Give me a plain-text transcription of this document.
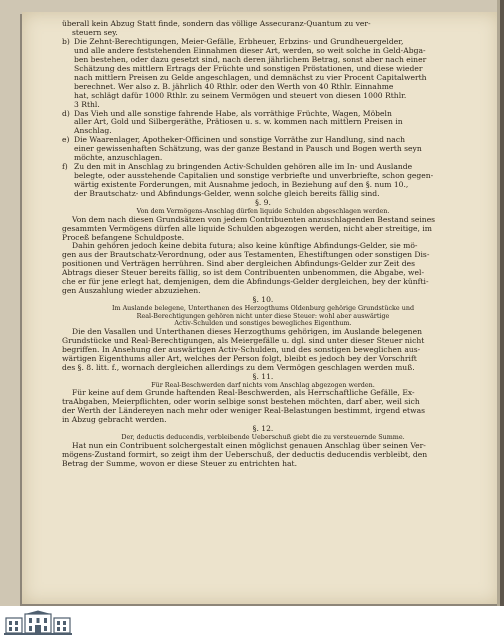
überall kein Abzug Statt finde, sondern das völlige Assecuranz-Quantum zu ver-

steuern sey.

b) Die Zehnt-Berechtigungen, Meier-Gefälle, Erbheuer, Erbzins- und Grundheuergelder,

und alle andere feststehenden Einnahmen dieser Art, werden, so weit solche in Geld-Abga-

ben bestehen, oder dazu gesetzt sind, nach deren jährlichem Betrag, sonst aber nach einer

Schätzung des mittlern Ertrags der Früchte und sonstigen Pröstationen, und diese wieder

nach mittlern Preisen zu Gelde angeschlagen, und demnächst zu vier Procent Capitalwerth

berechnet. Wer also z. B. jährlich 40 Rthlr. oder den Werth von 40 Rthlr. Einnahme

hat, schlägt dafür 1000 Rthlr. zu seinem Vermögen und steuert von diesen 1000 Rthlr.

3 Rthl.

d) Das Vieh und alle sonstige fahrende Habe, als vorräthige Früchte, Wagen, Möbeln

aller Art, Gold und Silbergeräthe, Prätiosen u. s. w. kommen nach mittlern Preisen in

Anschlag.

e) Die Waarenlager, Apotheker-Officinen und sonstige Vorräthe zur Handlung, sind nach

einer gewissenhaften Schätzung, was der ganze Bestand in Pausch und Bogen werth seyn

möchte, anzuschlagen.

f) Zu den mit in Anschlag zu bringenden Activ-Schulden gehören alle im In- und Auslande

belegte, oder ausstehende Capitalien und sonstige verbriefte und unverbriefte, schon gegen-

wärtig existente Forderungen, mit Ausnahme jedoch, in Beziehung auf den §. num 10.,

der Brautschatz- und Abfindungs-Gelder, wenn solche gleich bereits fällig sind.

§. 9.

Von dem Vermögens-Anschlag dürfen liquide Schulden abgeschlagen werden.

Von dem nach diesen Grundsätzen von jedem Contribuenten anzuschlagenden Bestand seines

gesammten Vermögens dürfen alle liquide Schulden abgezogen werden, nicht aber streitige, im

Proceß befangene Schuldposte.

Dahin gehören jedoch keine debita futura; also keine künftige Abfindungs-Gelder, sie mö-

gen aus der Brautschatz-Verordnung, oder aus Testamenten, Ehestiftungen oder sonstigen Dis-

positionen und Verträgen herrühren. Sind aber dergleichen Abfindungs-Gelder zur Zeit des

Abtrags dieser Steuer bereits fällig, so ist dem Contribuenten unbenommen, die Abgabe, wel-

che er für jene erlegt hat, demjenigen, dem die Abfindungs-Gelder dergleichen, bey der künfti-

gen Auszahlung wieder abzuziehen.

§. 10.

Im Auslande belegene, Unterthanen des Herzogthums Oldenburg gehörige Grundstücke und

Real-Berechtigungen gehören nicht unter diese Steuer: wohl aber auswärtige

Activ-Schulden und sonstiges bewegliches Eigenthum.

Die den Vasallen und Unterthanen dieses Herzogthums gehörigen, im Auslande belegenen

Grundstücke und Real-Berechtigungen, als Meiergefälle u. dgl. sind unter dieser Steuer nicht

begriffen. In Ansehung der auswärtigen Activ-Schulden, und des sonstigen beweglichen aus-

wärtigen Eigenthums aller Art, welches der Person folgt, bleibt es jedoch bey der Vorschrift

des §. 8. litt. f., wornach dergleichen allerdings zu dem Vermögen geschlagen werden muß.

§. 11.

Für Real-Beschwerden darf nichts vom Anschlag abgezogen werden.

Für keine auf dem Grunde haftenden Real-Beschwerden, als Herrschaftliche Gefälle, Ex-

traAbgaben, Meierpflichten, oder worin selbige sonst bestehen möchten, darf aber, weil sich

der Werth der Ländereyen nach mehr oder weniger Real-Belastungen bestimmt, irgend etwas

in Abzug gebracht werden.

§. 12.

Der, deductis deducendis, verbleibende Ueberschuß giebt die zu versteuernde Summe.

Hat nun ein Contribuent solchergestalt einen möglichst genauen Anschlag über seinen Ver-

mögens-Zustand formirt, so zeigt ihm der Ueberschuß, der deductis deducendis verbleibt, den

Betrag der Summe, wovon er diese Steuer zu entrichten hat.
